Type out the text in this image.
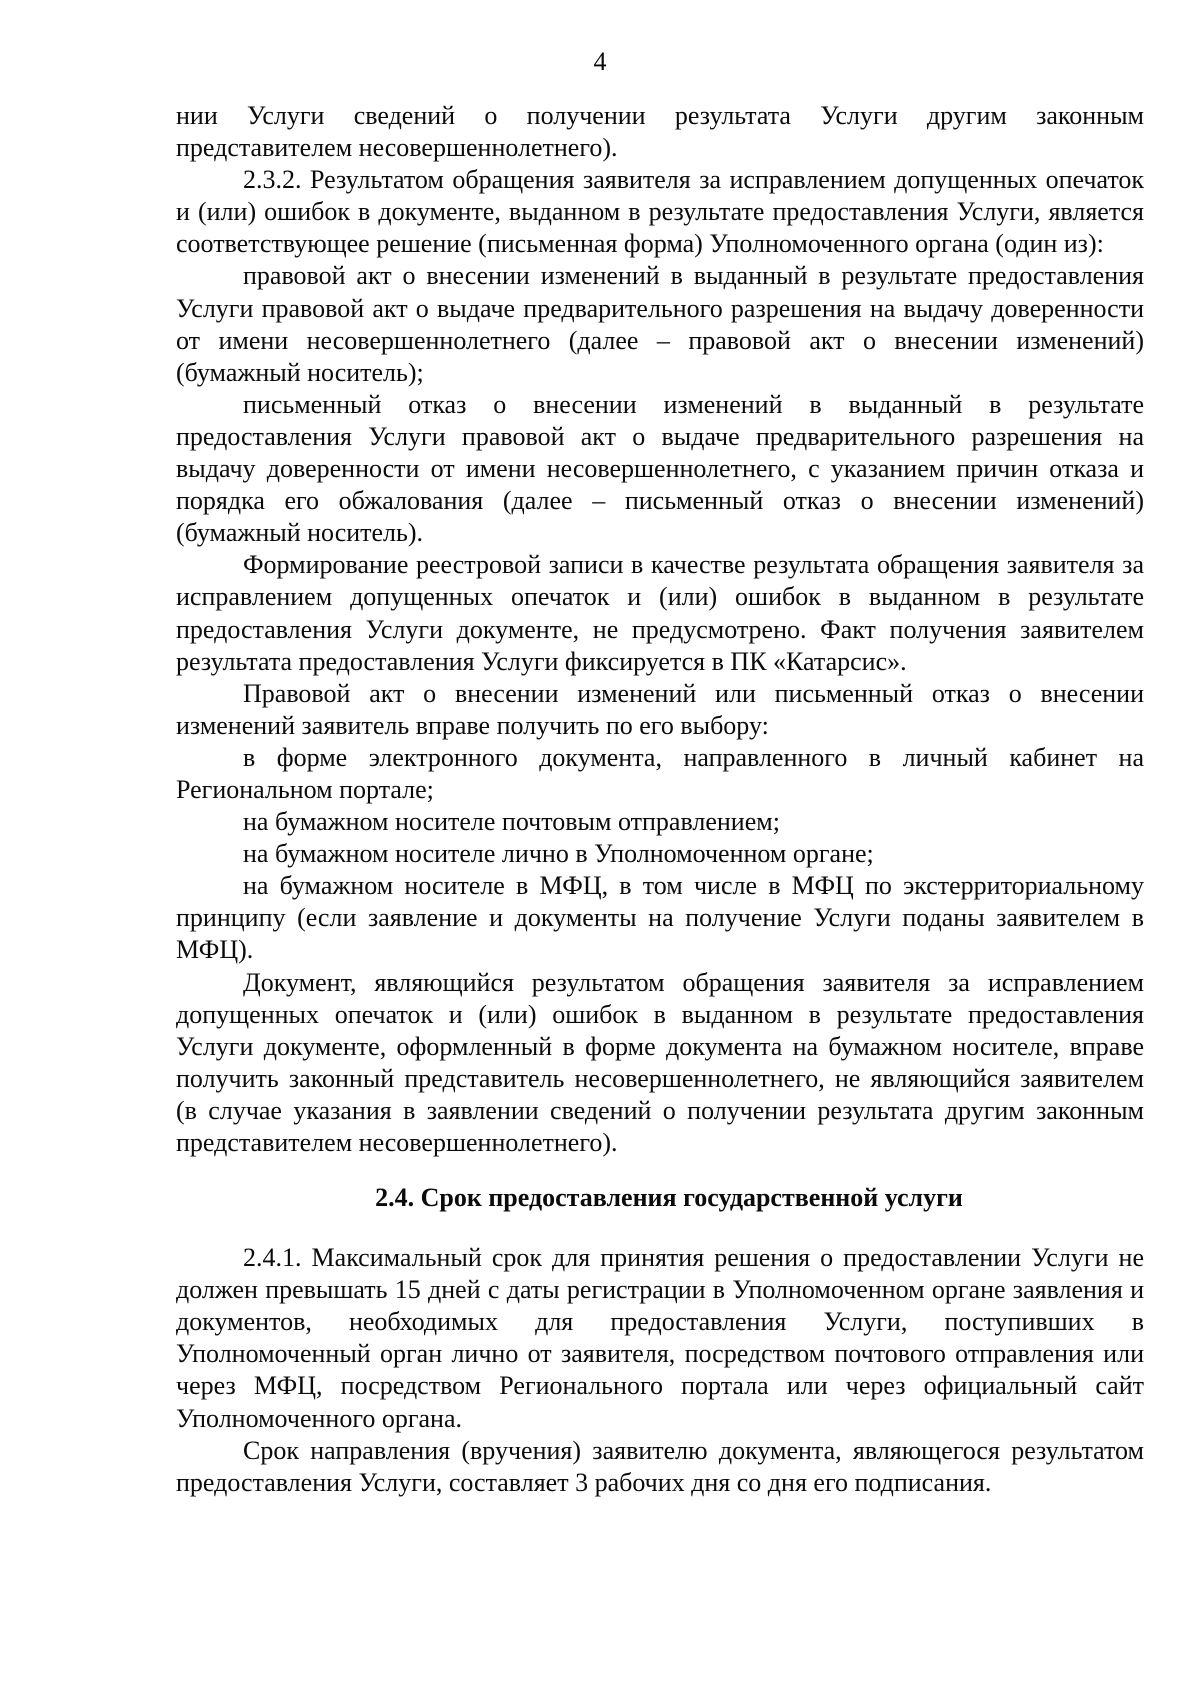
4

нии Услуги сведений о получении результата Услуги другим законным представителем несовершеннолетнего).

2.3.2. Результатом обращения заявителя за исправлением допущенных опечаток и (или) ошибок в документе, выданном в результате предоставления Услуги, является соответствующее решение (письменная форма) Уполномоченного органа (один из):

правовой акт о внесении изменений в выданный в результате предоставления Услуги правовой акт о выдаче предварительного разрешения на выдачу доверенности от имени несовершеннолетнего (далее – правовой акт о внесении изменений) (бумажный носитель);

письменный отказ о внесении изменений в выданный в результате предоставления Услуги правовой акт о выдаче предварительного разрешения на выдачу доверенности от имени несовершеннолетнего, с указанием причин отказа и порядка его обжалования (далее – письменный отказ о внесении изменений) (бумажный носитель).

Формирование реестровой записи в качестве результата обращения заявителя за исправлением допущенных опечаток и (или) ошибок в выданном в результате предоставления Услуги документе, не предусмотрено. Факт получения заявителем результата предоставления Услуги фиксируется в ПК «Катарсис».

Правовой акт о внесении изменений или письменный отказ о внесении изменений заявитель вправе получить по его выбору:

в форме электронного документа, направленного в личный кабинет на Региональном портале;

на бумажном носителе почтовым отправлением;

на бумажном носителе лично в Уполномоченном органе;

на бумажном носителе в МФЦ, в том числе в МФЦ по экстерриториальному принципу (если заявление и документы на получение Услуги поданы заявителем в МФЦ).

Документ, являющийся результатом обращения заявителя за исправлением допущенных опечаток и (или) ошибок в выданном в результате предоставления Услуги документе, оформленный в форме документа на бумажном носителе, вправе получить законный представитель несовершеннолетнего, не являющийся заявителем (в случае указания в заявлении сведений о получении результата другим законным представителем несовершеннолетнего).

2.4. Срок предоставления государственной услуги

2.4.1. Максимальный срок для принятия решения о предоставлении Услуги не должен превышать 15 дней с даты регистрации в Уполномоченном органе заявления и документов, необходимых для предоставления Услуги, поступивших в Уполномоченный орган лично от заявителя, посредством почтового отправления или через МФЦ, посредством Регионального портала или через официальный сайт Уполномоченного органа.

Срок направления (вручения) заявителю документа, являющегося результатом предоставления Услуги, составляет 3 рабочих дня со дня его подписания.
